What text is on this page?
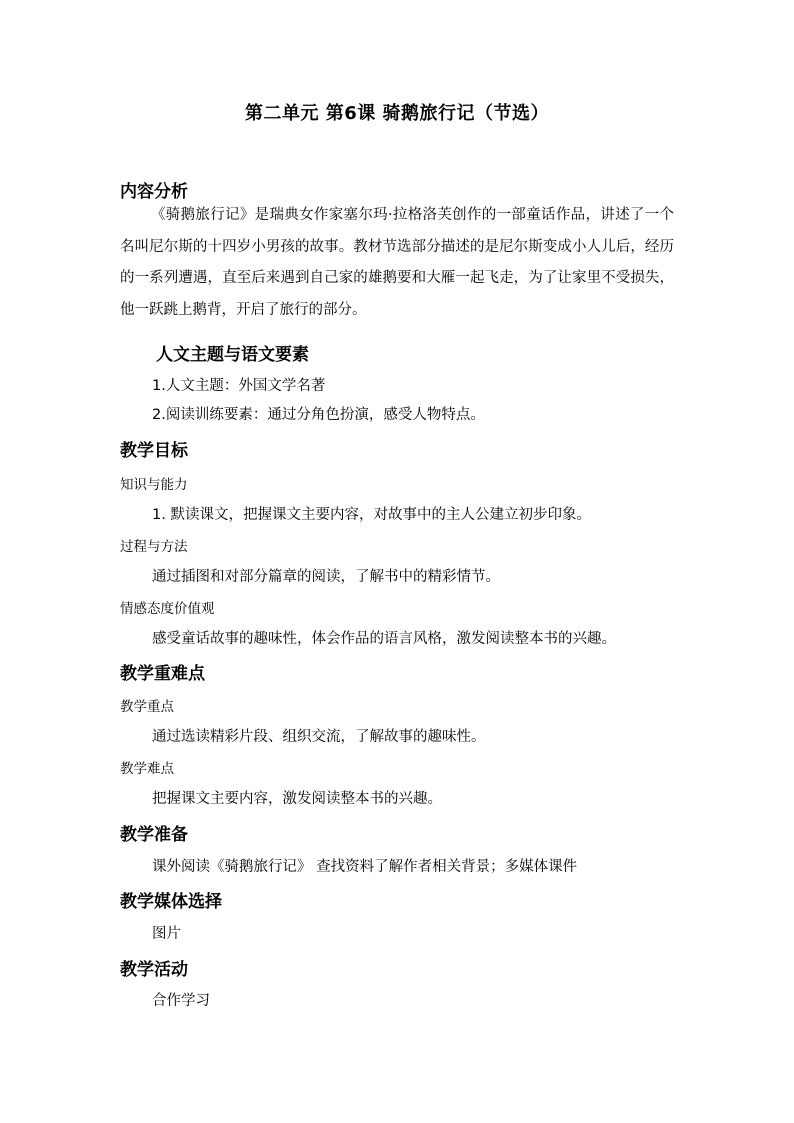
第二单元 第6课 骑鹅旅行记（节选）
内容分析
《骑鹅旅行记》是瑞典女作家塞尔玛·拉格洛芙创作的一部童话作品，讲述了一个名叫尼尔斯的十四岁小男孩的故事。教材节选部分描述的是尼尔斯变成小人儿后，经历的一系列遭遇，直至后来遇到自己家的雄鹅要和大雁一起飞走，为了让家里不受损失，他一跃跳上鹅背，开启了旅行的部分。
人文主题与语文要素
1.人文主题：外国文学名著
2.阅读训练要素：通过分角色扮演，感受人物特点。
教学目标
知识与能力
1. 默读课文，把握课文主要内容，对故事中的主人公建立初步印象。
过程与方法
通过插图和对部分篇章的阅读，了解书中的精彩情节。
情感态度价值观
感受童话故事的趣味性，体会作品的语言风格，激发阅读整本书的兴趣。
教学重难点
教学重点
通过选读精彩片段、组织交流，了解故事的趣味性。
教学难点
把握课文主要内容，激发阅读整本书的兴趣。
教学准备
课外阅读《骑鹅旅行记》 查找资料了解作者相关背景；多媒体课件
教学媒体选择
图片
教学活动
合作学习
